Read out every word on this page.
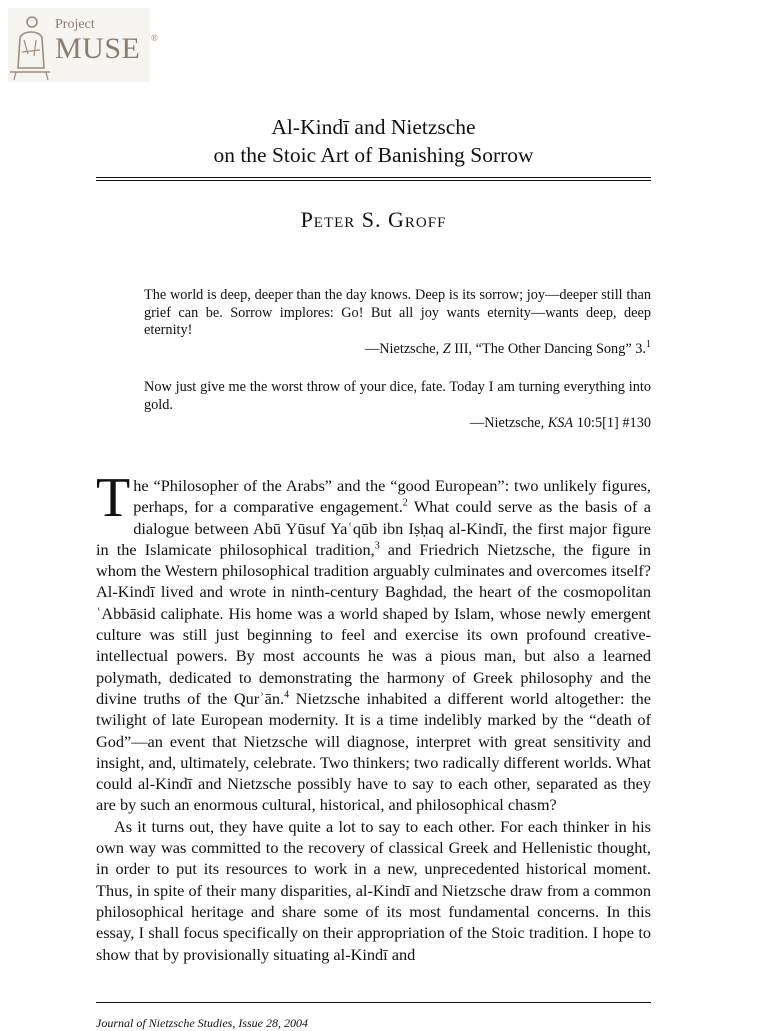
Project
MUSE ®
Al-Kindī and Nietzsche
on the Stoic Art of Banishing Sorrow
Peter S. Groff

The world is deep, deeper than the day knows. Deep is its sorrow; joy—deeper still than grief can be. Sorrow implores: Go! But all joy wants eternity—wants deep, deep eternity!

—Nietzsche, Z III, “The Other Dancing Song” 3.$^1$

Now just give me the worst throw of your dice, fate. Today I am turning everything into gold.

—Nietzsche, KSA 10:5[1] #130

The “Philosopher of the Arabs” and the “good European”: two unlikely figures, perhaps, for a comparative engagement.$^2$ What could serve as the basis of a dialogue between Abū Yūsuf Yaʿqūb ibn Iṣḥaq al-Kindī, the first major figure in the Islamicate philosophical tradition,$^3$ and Friedrich Nietzsche, the figure in whom the Western philosophical tradition arguably culminates and overcomes itself? Al-Kindī lived and wrote in ninth-century Baghdad, the heart of the cosmopolitan ʿAbbāsid caliphate. His home was a world shaped by Islam, whose newly emergent culture was still just beginning to feel and exercise its own profound creative-intellectual powers. By most accounts he was a pious man, but also a learned polymath, dedicated to demonstrating the harmony of Greek philosophy and the divine truths of the Qurʾān.$^4$ Nietzsche inhabited a different world altogether: the twilight of late European modernity. It is a time indelibly marked by the “death of God”—an event that Nietzsche will diagnose, interpret with great sensitivity and insight, and, ultimately, celebrate. Two thinkers; two radically different worlds. What could al-Kindī and Nietzsche possibly have to say to each other, separated as they are by such an enormous cultural, historical, and philosophical chasm?

As it turns out, they have quite a lot to say to each other. For each thinker in his own way was committed to the recovery of classical Greek and Hellenistic thought, in order to put its resources to work in a new, unprecedented historical moment. Thus, in spite of their many disparities, al-Kindī and Nietzsche draw from a common philosophical heritage and share some of its most fundamental concerns. In this essay, I shall focus specifically on their appropriation of the Stoic tradition. I hope to show that by provisionally situating al-Kindī and

Journal of Nietzsche Studies, Issue 28, 2004
